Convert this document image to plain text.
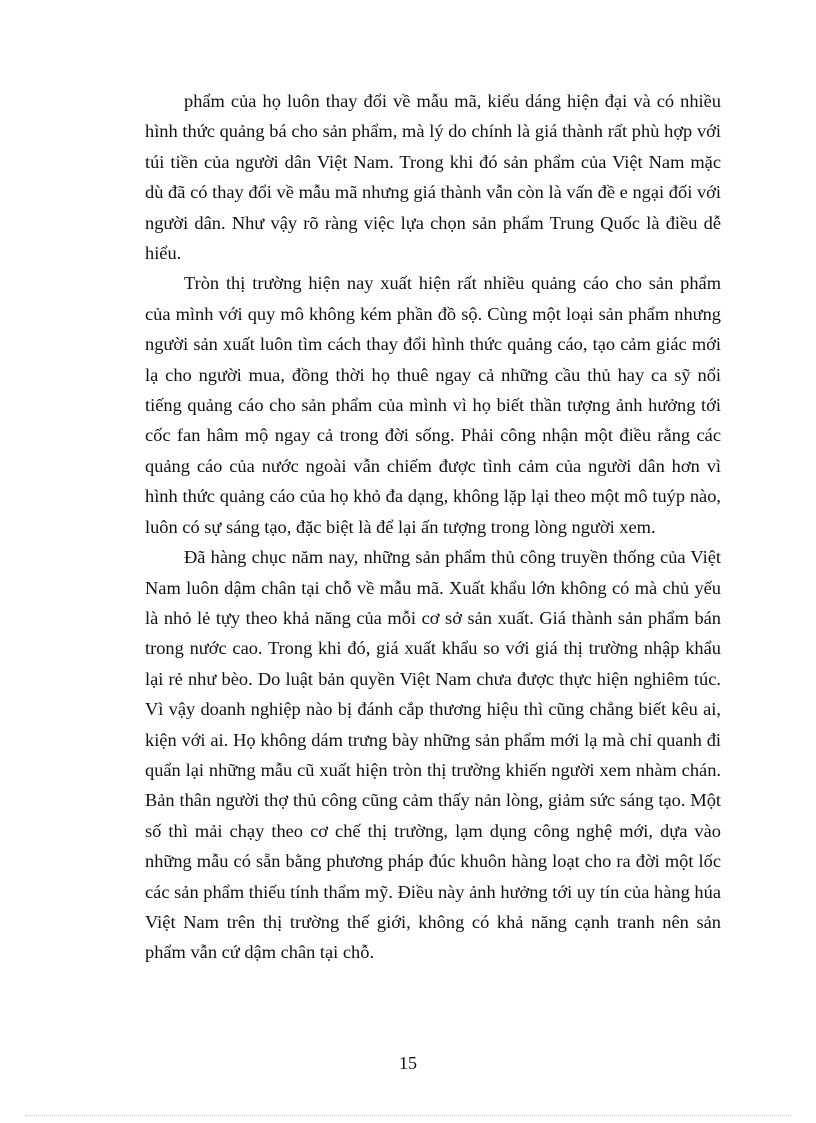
phẩm của họ luôn thay đổi về mẫu mã, kiểu dáng hiện đại và có nhiều hình thức quảng bá cho sản phẩm, mà lý do chính là giá thành rất phù hợp với túi tiền của người dân Việt Nam. Trong khi đó sản phẩm của Việt Nam mặc dù đã có thay đổi về mẫu mã nhưng giá thành vẫn còn là vấn đề e ngại đối với người dân. Như vậy rõ ràng việc lựa chọn sản phẩm Trung Quốc là điều dễ hiểu.

Tròn thị trường hiện nay xuất hiện rất nhiều quảng cáo cho sản phẩm của mình với quy mô không kém phần đồ sộ. Cùng một loại sản phẩm nhưng người sản xuất luôn tìm cách thay đổi hình thức quảng cáo, tạo cảm giác mới lạ cho người mua, đồng thời họ thuê ngay cả những cầu thủ hay ca sỹ nổi tiếng quảng cáo cho sản phẩm của mình vì họ biết thần tượng ảnh hưởng tới cốc fan hâm mộ ngay cả trong đời sống. Phải công nhận một điều rằng các quảng cáo của nước ngoài vẫn chiếm được tình cảm của người dân hơn vì hình thức quảng cáo của họ khỏ đa dạng, không lặp lại theo một mô tuýp nào, luôn có sự sáng tạo, đặc biệt là để lại ấn tượng trong lòng người xem.

Đã hàng chục năm nay, những sản phẩm thủ công truyền thống của Việt Nam luôn dậm chân tại chỗ về mẫu mã. Xuất khẩu lớn không có mà chủ yếu là nhỏ lẻ tựy theo khả năng của mỗi cơ sở sản xuất. Giá thành sản phẩm bán trong nước cao. Trong khi đó, giá xuất khẩu so với giá thị trường nhập khẩu lại rẻ như bèo. Do luật bản quyền Việt Nam chưa được thực hiện nghiêm túc. Vì vậy doanh nghiệp nào bị đánh cắp thương hiệu thì cũng chẳng biết kêu ai, kiện với ai. Họ không dám trưng bày những sản phẩm mới lạ mà chỉ quanh đi quẩn lại những mẫu cũ xuất hiện tròn thị trường khiến người xem nhàm chán. Bản thân người thợ thủ công cũng cảm thấy nản lòng, giảm sức sáng tạo. Một số thì mải chạy theo cơ chế thị trường, lạm dụng công nghệ mới, dựa vào những mẫu có sẵn bằng phương pháp đúc khuôn hàng loạt cho ra đời một lốc các sản phẩm thiếu tính thẩm mỹ. Điều này ảnh hưởng tới uy tín của hàng húa Việt Nam trên thị trường thế giới, không có khả năng cạnh tranh nên sản phẩm vẫn cứ dậm chân tại chỗ.

15
